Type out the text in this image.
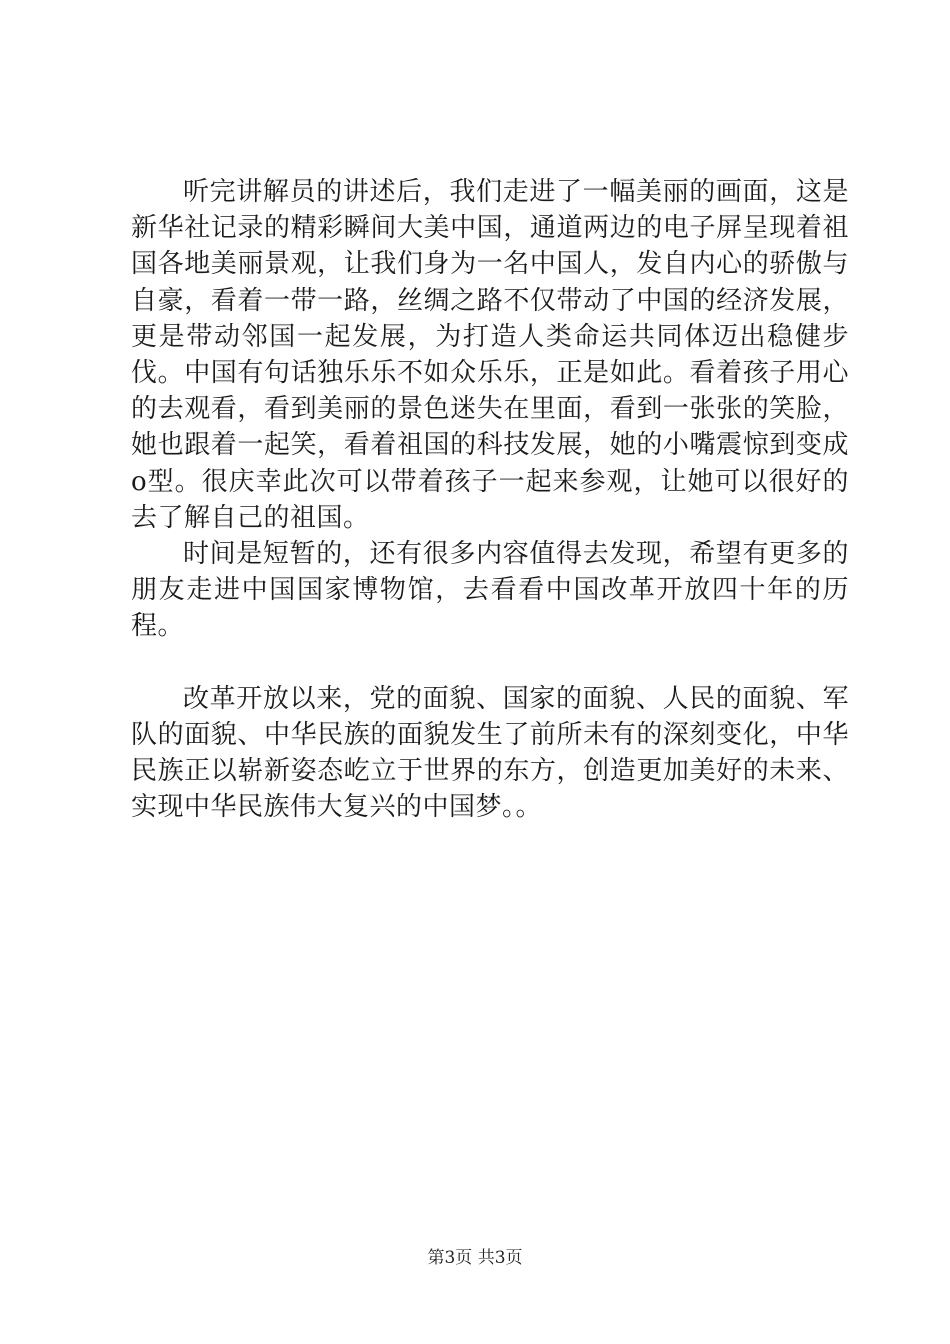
听完讲解员的讲述后，我们走进了一幅美丽的画面，这是新华社记录的精彩瞬间大美中国，通道两边的电子屏呈现着祖国各地美丽景观，让我们身为一名中国人，发自内心的骄傲与自豪，看着一带一路，丝绸之路不仅带动了中国的经济发展，更是带动邻国一起发展，为打造人类命运共同体迈出稳健步伐。中国有句话独乐乐不如众乐乐，正是如此。看着孩子用心的去观看，看到美丽的景色迷失在里面，看到一张张的笑脸，她也跟着一起笑，看着祖国的科技发展，她的小嘴震惊到变成o型。很庆幸此次可以带着孩子一起来参观，让她可以很好的去了解自己的祖国。

时间是短暂的，还有很多内容值得去发现，希望有更多的朋友走进中国国家博物馆，去看看中国改革开放四十年的历程。

改革开放以来，党的面貌、国家的面貌、人民的面貌、军队的面貌、中华民族的面貌发生了前所未有的深刻变化，中华民族正以崭新姿态屹立于世界的东方，创造更加美好的未来、实现中华民族伟大复兴的中国梦。。

第3页 共3页
